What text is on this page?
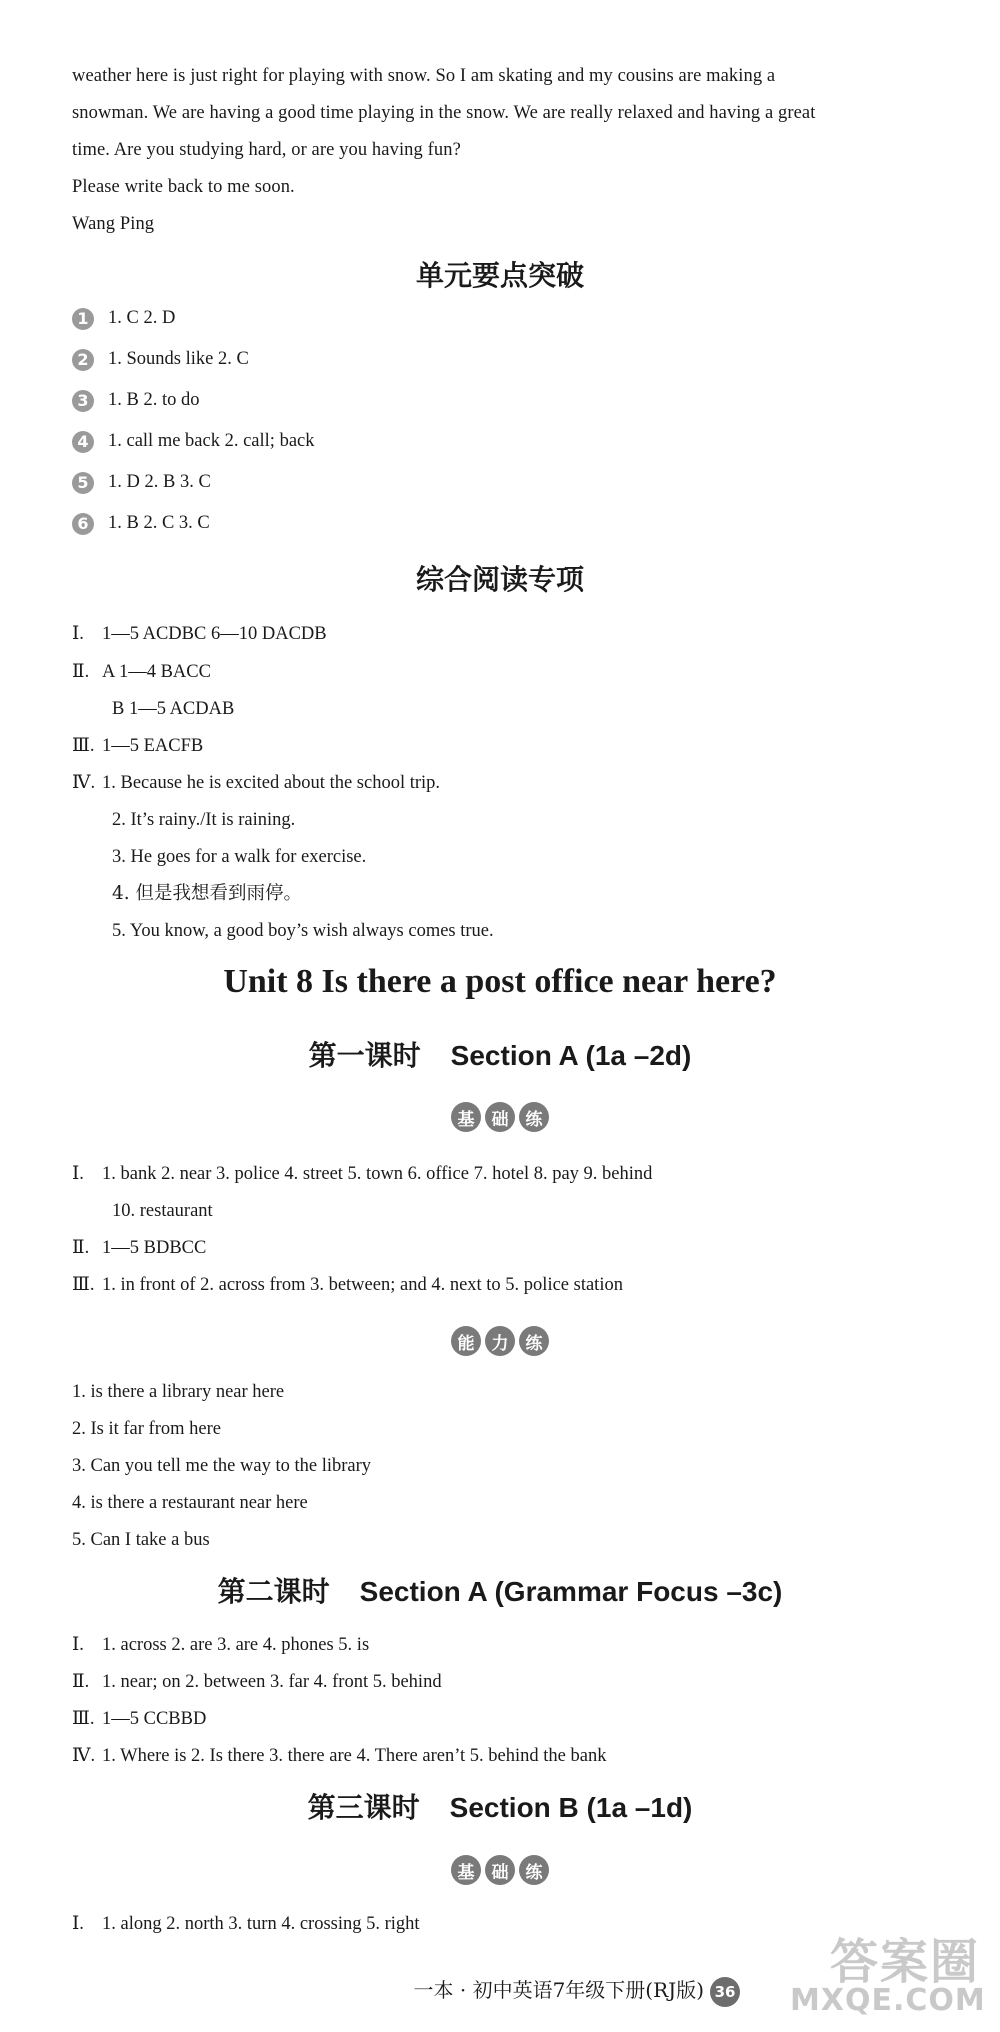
weather here is just right for playing with snow. So I am skating and my cousins are making a
snowman. We are having a good time playing in the snow. We are really relaxed and having a great
time. Are you studying hard, or are you having fun?
Please write back to me soon.
Wang Ping
单元要点突破
1 1. C 2. D
2 1. Sounds like 2. C
3 1. B 2. to do
4 1. call me back 2. call; back
5 1. D 2. B 3. C
6 1. B 2. C 3. C
综合阅读专项
Ⅰ. 1—5 ACDBC 6—10 DACDB
Ⅱ. A 1—4 BACC
B 1—5 ACDAB
Ⅲ. 1—5 EACFB
Ⅳ. 1. Because he is excited about the school trip.
2. It’s rainy./It is raining.
3. He goes for a walk for exercise.
4. 但是我想看到雨停。
5. You know, a good boy’s wish always comes true.
Unit 8 Is there a post office near here?
第一课时 Section A (1a –2d)
基	础	练
Ⅰ. 1. bank 2. near 3. police 4. street 5. town 6. office 7. hotel 8. pay 9. behind
10. restaurant
Ⅱ. 1—5 BDBCC
Ⅲ. 1. in front of 2. across from 3. between; and 4. next to 5. police station
能	力	练
1. is there a library near here
2. Is it far from here
3. Can you tell me the way to the library
4. is there a restaurant near here
5. Can I take a bus
第二课时 Section A (Grammar Focus –3c)
Ⅰ. 1. across 2. are 3. are 4. phones 5. is
Ⅱ. 1. near; on 2. between 3. far 4. front 5. behind
Ⅲ. 1—5 CCBBD
Ⅳ. 1. Where is 2. Is there 3. there are 4. There aren’t 5. behind the bank
第三课时 Section B (1a –1d)
基	础	练
Ⅰ. 1. along 2. north 3. turn 4. crossing 5. right
一本 · 初中英语7年级下册(RJ版) 36
答案圈
MXQE.COM
